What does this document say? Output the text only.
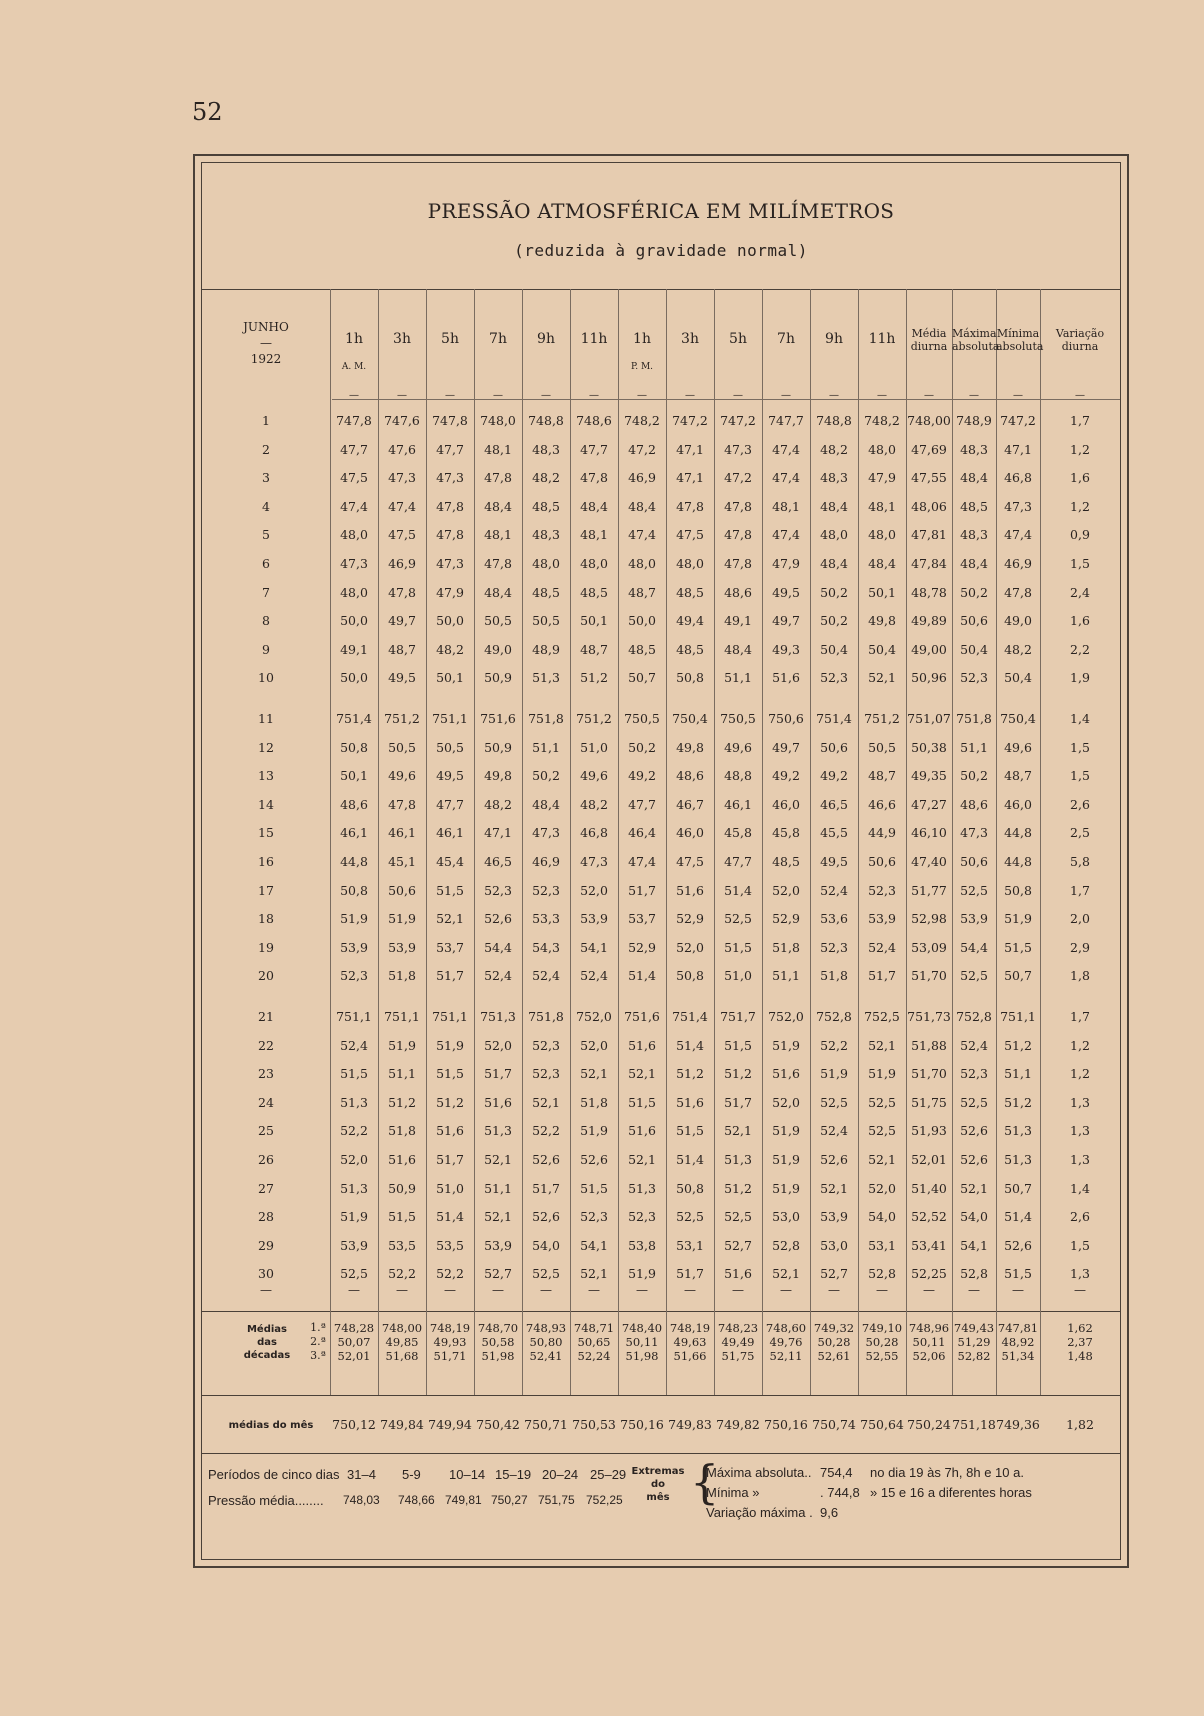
52
PRESSÃO ATMOSFÉRICA EM MILÍMETROS
(reduzida à gravidade normal)
JUNHO
—
1922
1h	3h	5h	7h	9h	11h	1h	3h	5h	7h	9h	11h
A. M.	P. M.
Média
diurna
Máxima
absoluta
Mínima
absoluta
Variação
diurna
—	—	—	—	—	—	—	—	—	—	—	—	—	—	—	—
1	747,8 747,6 747,8 748,0 748,8 748,6 748,2 747,2 747,2 747,7 748,8 748,2 748,00 748,9 747,2	1,7
2	47,7	47,6	47,7	48,1	48,3	47,7	47,2	47,1	47,3	47,4	48,2	48,0	47,69	48,3	47,1	1,2
3	47,5	47,3	47,3	47,8	48,2	47,8	46,9	47,1	47,2	47,4	48,3	47,9	47,55	48,4	46,8	1,6
4	47,4	47,4	47,8	48,4	48,5	48,4	48,4	47,8	47,8	48,1	48,4	48,1	48,06	48,5	47,3	1,2
5	48,0	47,5	47,8	48,1	48,3	48,1	47,4	47,5	47,8	47,4	48,0	48,0	47,81	48,3	47,4	0,9
6	47,3	46,9	47,3	47,8	48,0	48,0	48,0	48,0	47,8	47,9	48,4	48,4	47,84	48,4	46,9	1,5
7	48,0	47,8	47,9	48,4	48,5	48,5	48,7	48,5	48,6	49,5	50,2	50,1	48,78	50,2	47,8	2,4
8	50,0	49,7	50,0	50,5	50,5	50,1	50,0	49,4	49,1	49,7	50,2	49,8	49,89	50,6	49,0	1,6
9	49,1	48,7	48,2	49,0	48,9	48,7	48,5	48,5	48,4	49,3	50,4	50,4	49,00	50,4	48,2	2,2
10	50,0	49,5	50,1	50,9	51,3	51,2	50,7	50,8	51,1	51,6	52,3	52,1	50,96	52,3	50,4	1,9
11	751,4 751,2 751,1 751,6 751,8 751,2 750,5 750,4 750,5 750,6 751,4 751,2 751,07 751,8 750,4	1,4
12	50,8	50,5	50,5	50,9	51,1	51,0	50,2	49,8	49,6	49,7	50,6	50,5	50,38	51,1	49,6	1,5
13	50,1	49,6	49,5	49,8	50,2	49,6	49,2	48,6	48,8	49,2	49,2	48,7	49,35	50,2	48,7	1,5
14	48,6	47,8	47,7	48,2	48,4	48,2	47,7	46,7	46,1	46,0	46,5	46,6	47,27	48,6	46,0	2,6
15	46,1	46,1	46,1	47,1	47,3	46,8	46,4	46,0	45,8	45,8	45,5	44,9	46,10	47,3	44,8	2,5
16	44,8	45,1	45,4	46,5	46,9	47,3	47,4	47,5	47,7	48,5	49,5	50,6	47,40	50,6	44,8	5,8
17	50,8	50,6	51,5	52,3	52,3	52,0	51,7	51,6	51,4	52,0	52,4	52,3	51,77	52,5	50,8	1,7
18	51,9	51,9	52,1	52,6	53,3	53,9	53,7	52,9	52,5	52,9	53,6	53,9	52,98	53,9	51,9	2,0
19	53,9	53,9	53,7	54,4	54,3	54,1	52,9	52,0	51,5	51,8	52,3	52,4	53,09	54,4	51,5	2,9
20	52,3	51,8	51,7	52,4	52,4	52,4	51,4	50,8	51,0	51,1	51,8	51,7	51,70	52,5	50,7	1,8
21	751,1 751,1 751,1 751,3 751,8 752,0 751,6 751,4 751,7 752,0 752,8 752,5 751,73 752,8 751,1	1,7
22	52,4	51,9	51,9	52,0	52,3	52,0	51,6	51,4	51,5	51,9	52,2	52,1	51,88	52,4	51,2	1,2
23	51,5	51,1	51,5	51,7	52,3	52,1	52,1	51,2	51,2	51,6	51,9	51,9	51,70	52,3	51,1	1,2
24	51,3	51,2	51,2	51,6	52,1	51,8	51,5	51,6	51,7	52,0	52,5	52,5	51,75	52,5	51,2	1,3
25	52,2	51,8	51,6	51,3	52,2	51,9	51,6	51,5	52,1	51,9	52,4	52,5	51,93	52,6	51,3	1,3
26	52,0	51,6	51,7	52,1	52,6	52,6	52,1	51,4	51,3	51,9	52,6	52,1	52,01	52,6	51,3	1,3
27	51,3	50,9	51,0	51,1	51,7	51,5	51,3	50,8	51,2	51,9	52,1	52,0	51,40	52,1	50,7	1,4
28	51,9	51,5	51,4	52,1	52,6	52,3	52,3	52,5	52,5	53,0	53,9	54,0	52,52	54,0	51,4	2,6
29	53,9	53,5	53,5	53,9	54,0	54,1	53,8	53,1	52,7	52,8	53,0	53,1	53,41	54,1	52,6	1,5
30	52,5	52,2	52,2	52,7	52,5	52,1	51,9	51,7	51,6	52,1	52,7	52,8	52,25	52,8	51,5	1,3
—	—	—	—	—	—	—	—	—	—	—	—	—	—	—	—	—
Médias
das
décadas
1.ª
2.ª
3.ª
748,28 748,00 748,19 748,70 748,93 748,71 748,40 748,19 748,23 748,60 749,32 749,10 748,96 749,43 747,81	1,62
50,07	49,85	49,93	50,58	50,80	50,65	50,11	49,63	49,49	49,76	50,28	50,28	50,11	51,29 48,92	2,37
52,01	51,68	51,71	51,98	52,41	52,24	51,98	51,66	51,75	52,11	52,61	52,55	52,06	52,82 51,34	1,48
médias do mês	750,12 749,84 749,94 750,42 750,71 750,53 750,16 749,83 749,82 750,16 750,74 750,64 750,24 751,18 749,36	1,82
Períodos de cinco dias 31–4 5-9 10–14 15–19 20–24 25–29
Pressão média........ 748,03 748,66 749,81 750,27 751,75 752,25
Extremas
do
mês {
Máxima absoluta.. 754,4 no dia 19 às 7h, 8h e 10 a.
Mínima »	. 744,8 » 15 e 16 a diferentes horas
Variação máxima . 9,6
